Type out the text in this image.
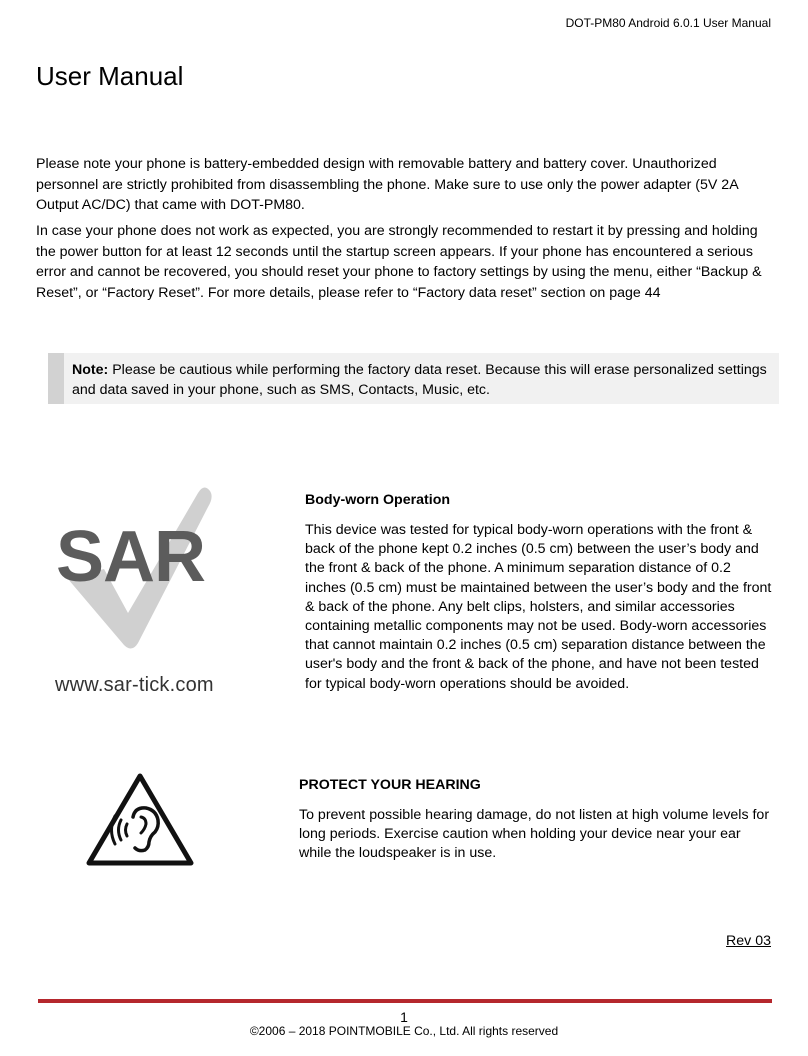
DOT-PM80 Android 6.0.1 User Manual
User Manual
Please note your phone is battery-embedded design with removable battery and battery cover. Unauthorized personnel are strictly prohibited from disassembling the phone. Make sure to use only the power adapter (5V 2A Output AC/DC) that came with DOT-PM80.
In case your phone does not work as expected, you are strongly recommended to restart it by pressing and holding the power button for at least 12 seconds until the startup screen appears. If your phone has encountered a serious error and cannot be recovered, you should reset your phone to factory settings by using the menu, either “Backup & Reset”, or “Factory Reset”. For more details, please refer to “Factory data reset” section on page 44
Note: Please be cautious while performing the factory data reset. Because this will erase personalized settings and data saved in your phone, such as SMS, Contacts, Music, etc.
SAR
www.sar-tick.com
Body-worn Operation
This device was tested for typical body-worn operations with the front & back of the phone kept 0.2 inches (0.5 cm) between the user’s body and the front & back of the phone. A minimum separation distance of 0.2 inches (0.5 cm) must be maintained between the user’s body and the front & back of the phone. Any belt clips, holsters, and similar accessories containing metallic components may not be used. Body-worn accessories that cannot maintain 0.2 inches (0.5 cm) separation distance between the user's body and the front & back of the phone, and have not been tested for typical body-worn operations should be avoided.
PROTECT YOUR HEARING
To prevent possible hearing damage, do not listen at high volume levels for long periods. Exercise caution when holding your device near your ear while the loudspeaker is in use.
Rev 03
1
©2006 – 2018 POINTMOBILE Co., Ltd. All rights reserved
